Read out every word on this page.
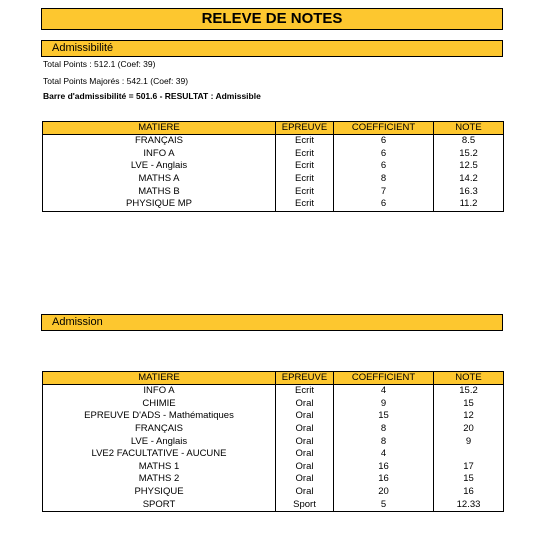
RELEVE DE NOTES
Admissibilité
Total Points : 512.1 (Coef: 39)
Total Points Majorés : 542.1 (Coef: 39)
Barre d'admissibilité = 501.6 - RESULTAT : Admissible
MATIERE	EPREUVE	COEFFICIENT	NOTE
FRANÇAIS	Ecrit	6	8.5
INFO A	Ecrit	6	15.2
LVE - Anglais	Ecrit	6	12.5
MATHS A	Ecrit	8	14.2
MATHS B	Ecrit	7	16.3
PHYSIQUE MP	Ecrit	6	11.2
Admission
MATIERE	EPREUVE	COEFFICIENT	NOTE
INFO A	Ecrit	4	15.2
CHIMIE	Oral	9	15
EPREUVE D'ADS - Mathématiques	Oral	15	12
FRANÇAIS	Oral	8	20
LVE - Anglais	Oral	8	9
LVE2 FACULTATIVE - AUCUNE	Oral	4	
MATHS 1	Oral	16	17
MATHS 2	Oral	16	15
PHYSIQUE	Oral	20	16
SPORT	Sport	5	12.33
